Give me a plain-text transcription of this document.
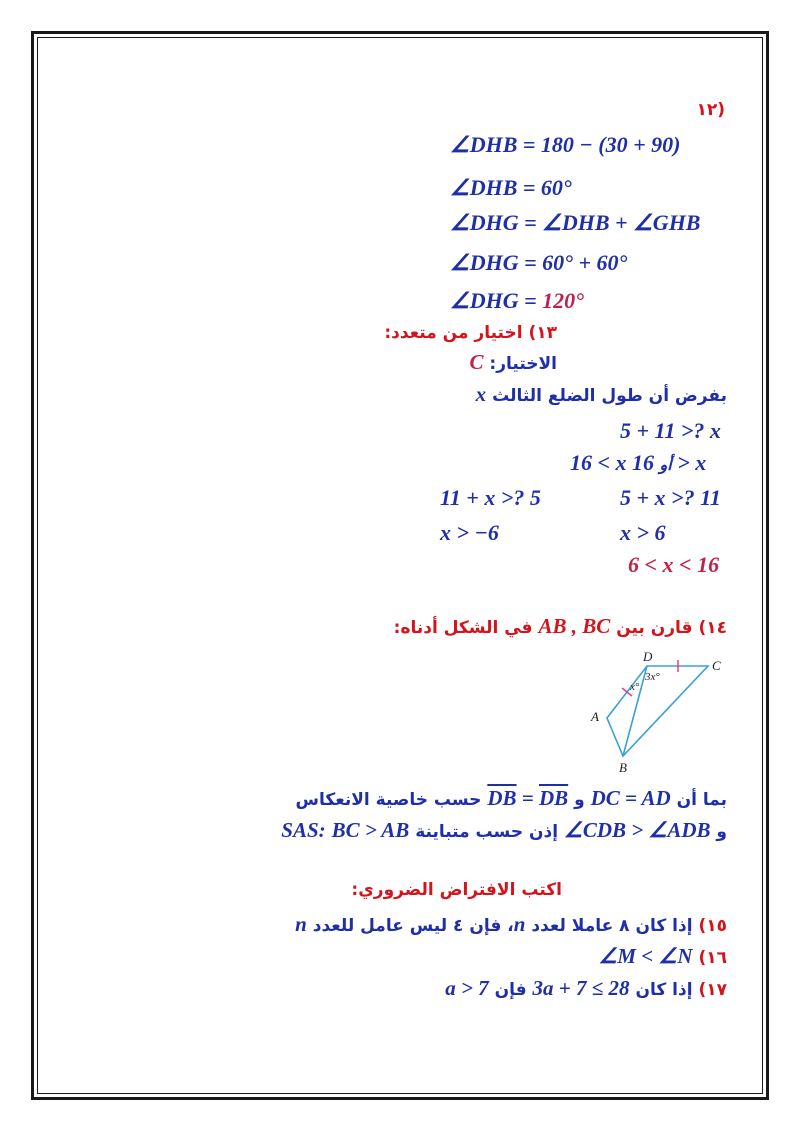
(١٢
∠DHB = 180 − (30 + 90)
∠DHB = 60°
∠DHG = ∠DHB + ∠GHB
∠DHG = 60° + 60°
∠DHG = 120°
١٣) اختيار من متعدد:
الاختيار: C
بفرض أن طول الضلع الثالث x
5 + 11 >? x
16 < x أو 16 > x
11 + x >? 5	5 + x >? 11
x > −6	x > 6
6 < x < 16
١٤) قارن بين AB , BC في الشكل أدناه:
D
C
A
B
x°
3x°
بما أن DC = AD و $\overline{DB} = \overline{DB}$ حسب خاصية الانعكاس
و ∠CDB > ∠ADB إذن حسب متباينة SAS: BC > AB
اكتب الافتراض الضروري:
١٥) إذا كان ٨ عاملا لعدد n، فإن ٤ ليس عامل للعدد n
١٦) ∠M < ∠N
١٧) إذا كان 3a + 7 ≤ 28 فإن a > 7
